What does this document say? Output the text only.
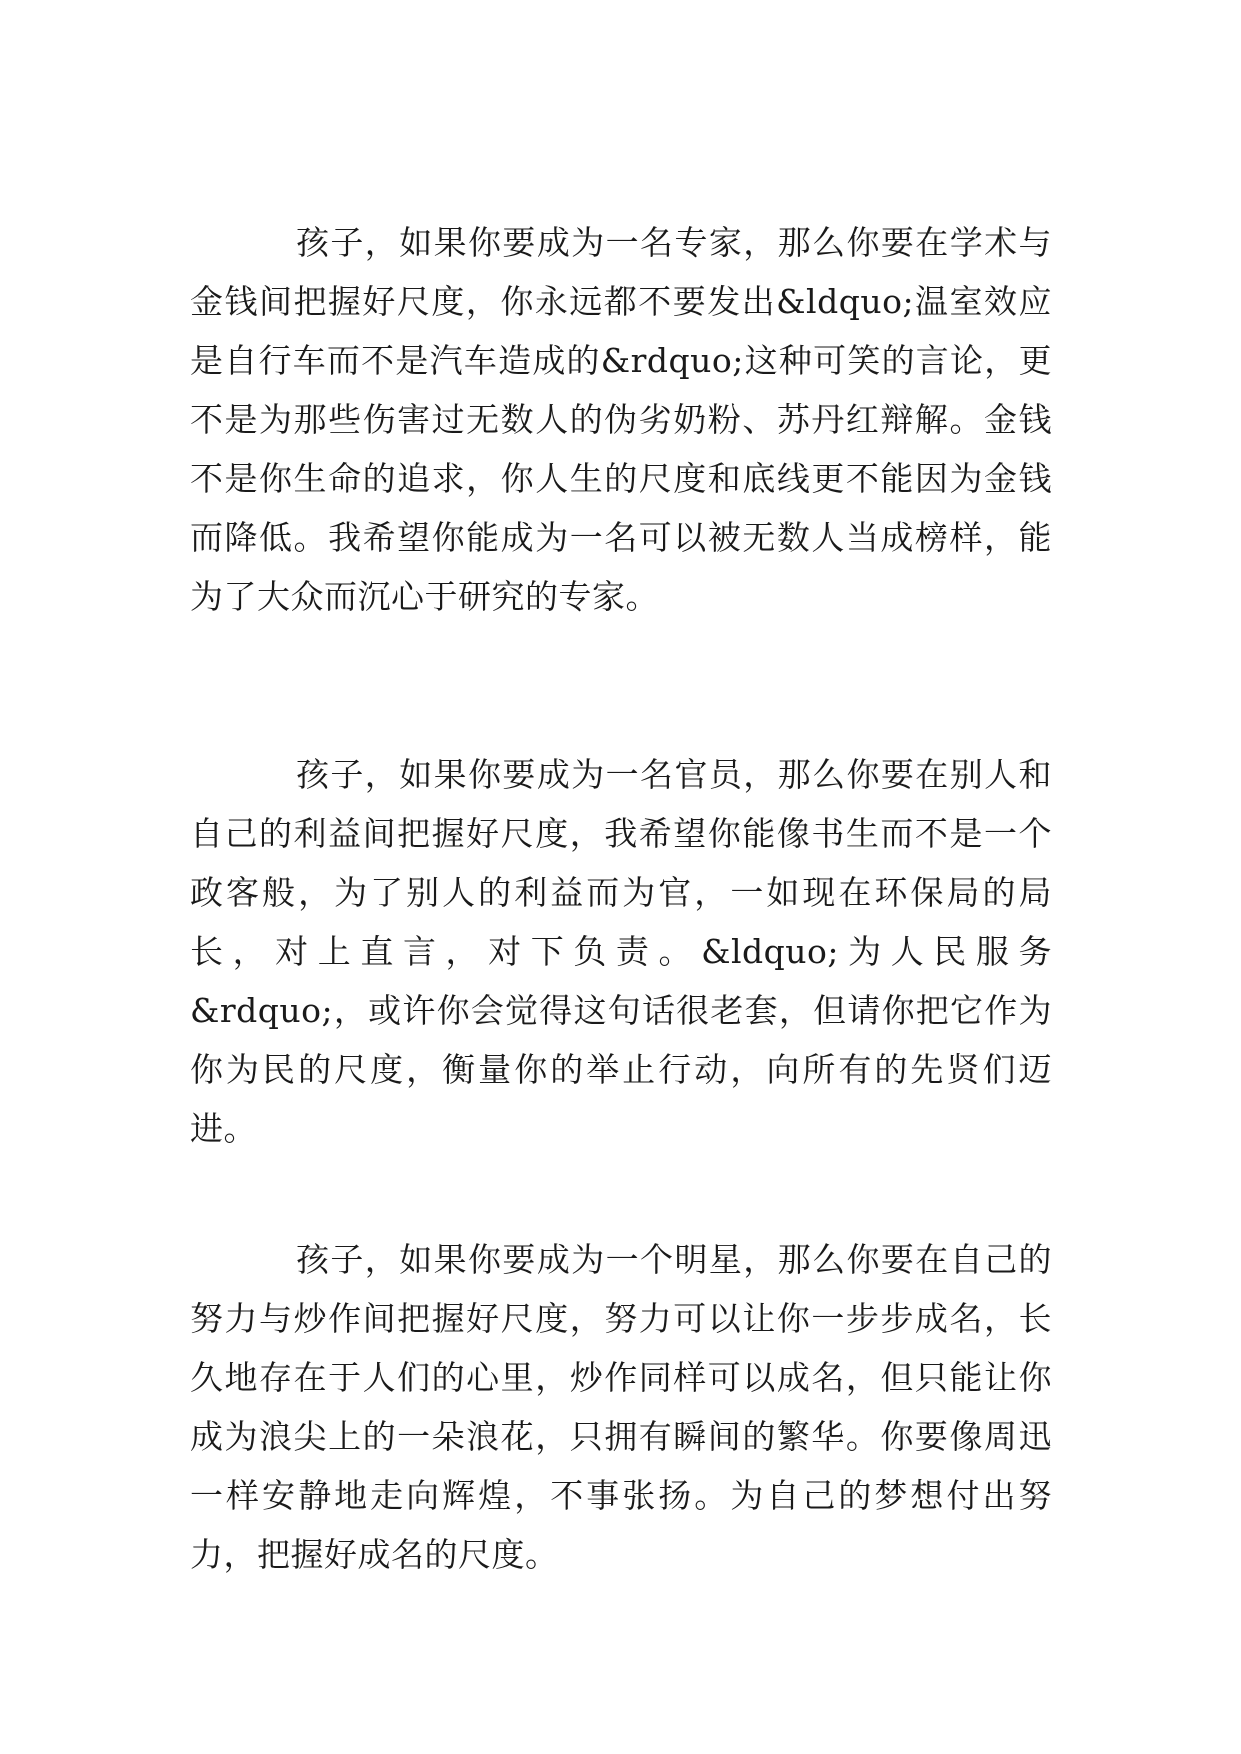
孩子，如果你要成为一名专家，那么你要在学术与金钱间把握好尺度，你永远都不要发出&ldquo;温室效应是自行车而不是汽车造成的&rdquo;这种可笑的言论，更不是为那些伤害过无数人的伪劣奶粉、苏丹红辩解。金钱不是你生命的追求，你人生的尺度和底线更不能因为金钱而降低。我希望你能成为一名可以被无数人当成榜样，能为了大众而沉心于研究的专家。

孩子，如果你要成为一名官员，那么你要在别人和自己的利益间把握好尺度，我希望你能像书生而不是一个政客般，为了别人的利益而为官，一如现在环保局的局长，对上直言，对下负责。&ldquo;为人民服务&rdquo;，或许你会觉得这句话很老套，但请你把它作为你为民的尺度，衡量你的举止行动，向所有的先贤们迈进。

孩子，如果你要成为一个明星，那么你要在自己的努力与炒作间把握好尺度，努力可以让你一步步成名，长久地存在于人们的心里，炒作同样可以成名，但只能让你成为浪尖上的一朵浪花，只拥有瞬间的繁华。你要像周迅一样安静地走向辉煌，不事张扬。为自己的梦想付出努力，把握好成名的尺度。
